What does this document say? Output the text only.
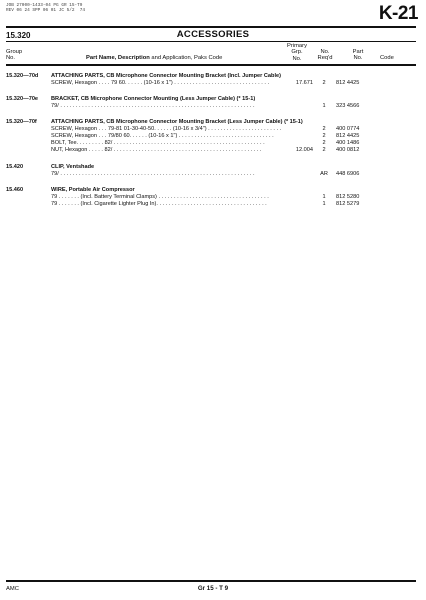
JOB 27000-1433-04 PG GR 15-T9
REV 06 24 SPP 06 01 JC 5/2  74	K-21
15.320	ACCESSORIES
Group
No.	Part Name, Description and Application, Paks Code
Primary
Grp.
No.
No.
Req'd
Part
No.	Code
15.320—70d ATTACHING PARTS, CB Microphone Connector Mounting Bracket (Incl. Jumper Cable)
SCREW, Hexagon . . . . 79 60. . . . . . (10-16 x 1") . . . . . . . . . . . . . . . . . . . . . . . . . . . . . . .	17.671	2	812 4425
15.320—70e BRACKET, CB Microphone Connector Mounting (Less Jumper Cable) (* 15-1)
79/ . . . . . . . . . . . . . . . . . . . . . . . . . . . . . . . . . . . . . . . . . . . . . . . . . . . . . . . . . . . . . . .	1	323 4566
15.320—70f	ATTACHING PARTS, CB Microphone Connector Mounting Bracket (Less Jumper Cable) (* 15-1)
SCREW, Hexagon . . . 79-81 01-30-40-50. . . . . . (10-16 x 3/4") . . . . . . . . . . . . . . . . . . . . . . . .	2	400 0774
SCREW, Hexagon . . . 79/80 60. . . . . . (10-16 x 1") . . . . . . . . . . . . . . . . . . . . . . . . . . . . . . .	2	812 4425
BOLT, Tee. . . . . . . . . 82/ . . . . . . . . . . . . . . . . . . . . . . . . . . . . . . . . . . . . . . . . . . . . . . . . .	2	400 1486
NUT, Hexagon . . . . . 82/ . . . . . . . . . . . . . . . . . . . . . . . . . . . . . . . . . . . . . . . . . . . . . . . .	12.004	2	400 0812
15.420	CLIP, Ventshade
79/ . . . . . . . . . . . . . . . . . . . . . . . . . . . . . . . . . . . . . . . . . . . . . . . . . . . . . . . . . . . . . . .	AR	448 6906
15.460	WIRE, Portable Air Compressor
79 . . . . . . . (Incl. Battery Terminal Clamps) . . . . . . . . . . . . . . . . . . . . . . . . . . . . . . . . . . . .	1	812 5280
79 . . . . . . . (Incl. Cigarette Lighter Plug In). . . . . . . . . . . . . . . . . . . . . . . . . . . . . . . . . . . .	1	812 5279
AMC	Gr 15 - T 9
